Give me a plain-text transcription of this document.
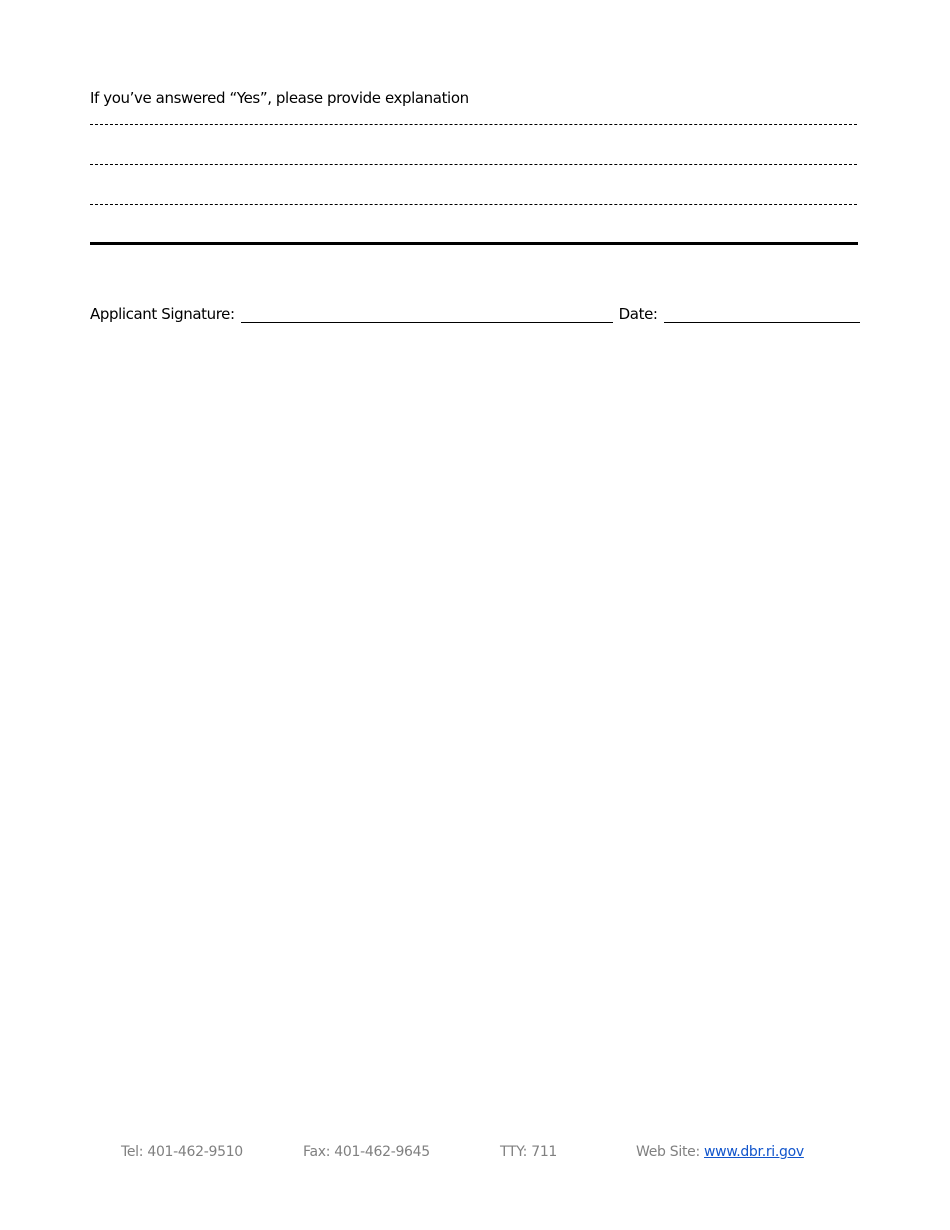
If you’ve answered “Yes”, please provide explanation
Applicant Signature:	Date:
Tel: 401-462-9510	Fax: 401-462-9645	TTY: 711	Web Site: www.dbr.ri.gov
